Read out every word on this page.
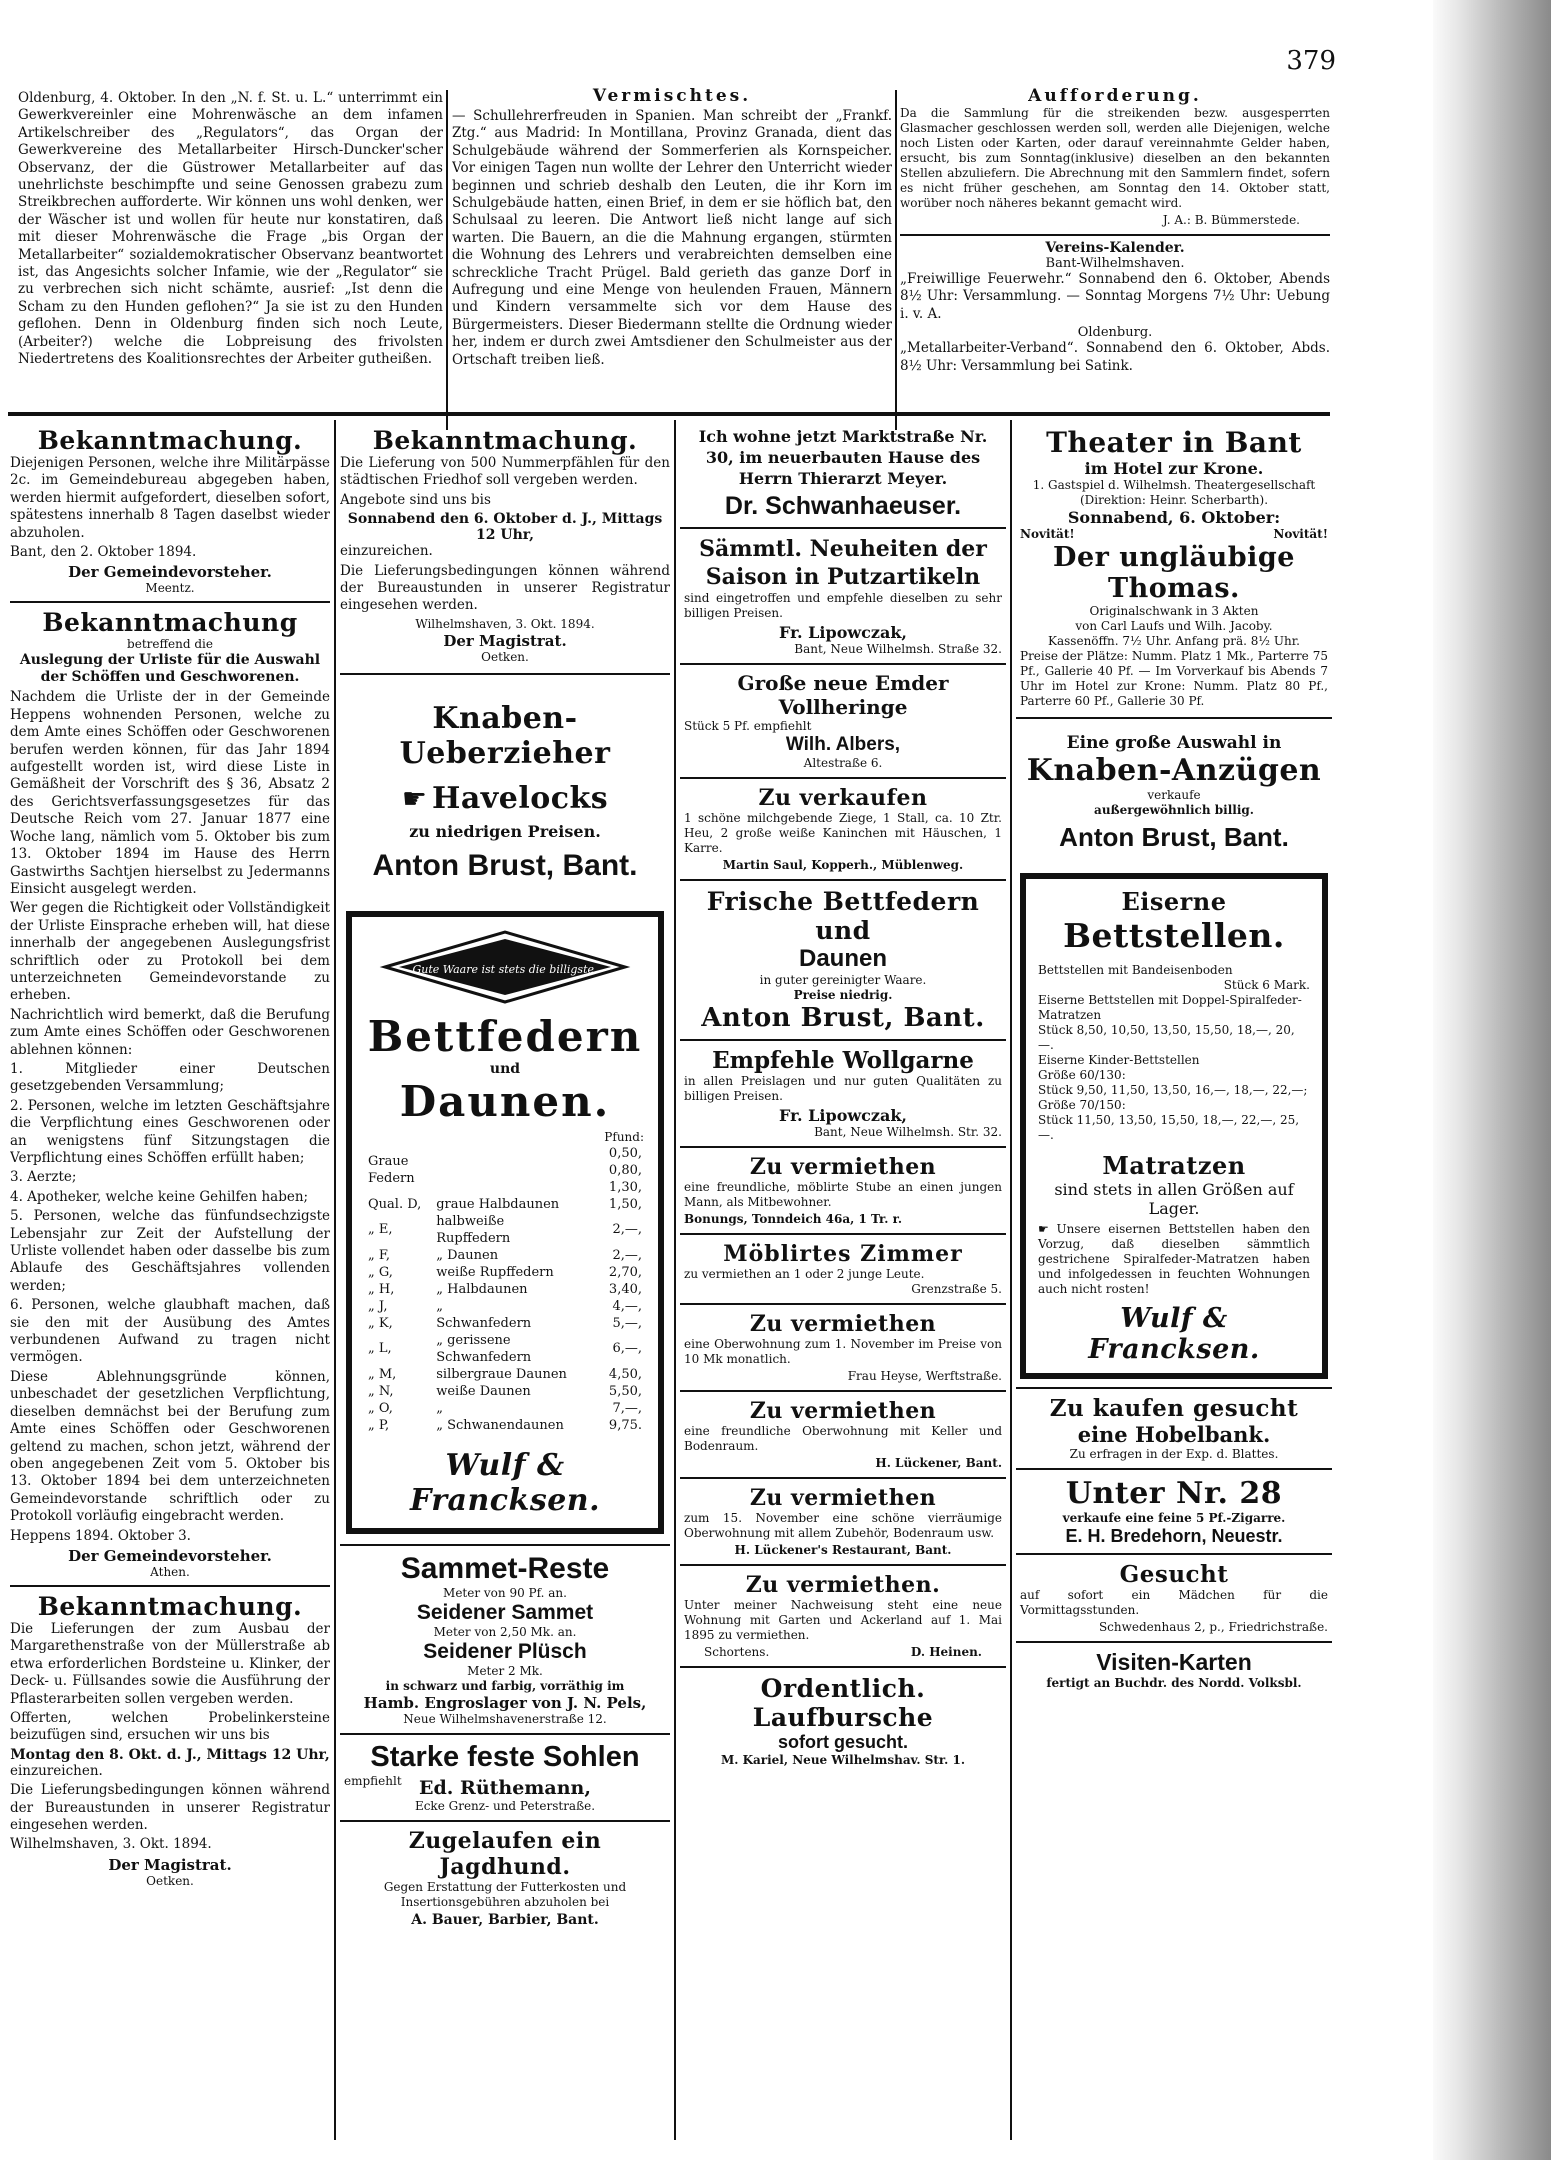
379

Oldenburg, 4. Oktober. In den „N. f. St. u. L.“ unterrimmt ein Gewerkvereinler eine Mohrenwäsche an dem infamen Artikelschreiber des „Regulators“, das Organ der Gewerkvereine des Metallarbeiter Hirsch-Duncker'scher Observanz, der die Güstrower Metallarbeiter auf das unehrlichste beschimpfte und seine Genossen grabezu zum Streikbrechen aufforderte. Wir können uns wohl denken, wer der Wäscher ist und wollen für heute nur konstatiren, daß mit dieser Mohrenwäsche die Frage „bis Organ der Metallarbeiter“ sozialdemokratischer Observanz beantwortet ist, das Angesichts solcher Infamie, wie der „Regulator“ sie zu verbrechen sich nicht schämte, ausrief: „Ist denn die Scham zu den Hunden geflohen?“ Ja sie ist zu den Hunden geflohen. Denn in Oldenburg finden sich noch Leute, (Arbeiter?) welche die Lobpreisung des frivolsten Niedertretens des Koalitionsrechtes der Arbeiter gutheißen.

Vermischtes.

— Schullehrerfreuden in Spanien. Man schreibt der „Frankf. Ztg.“ aus Madrid: In Montillana, Provinz Granada, dient das Schulgebäude während der Sommerferien als Kornspeicher. Vor einigen Tagen nun wollte der Lehrer den Unterricht wieder beginnen und schrieb deshalb den Leuten, die ihr Korn im Schulgebäude hatten, einen Brief, in dem er sie höflich bat, den Schulsaal zu leeren. Die Antwort ließ nicht lange auf sich warten. Die Bauern, an die die Mahnung ergangen, stürmten die Wohnung des Lehrers und verabreichten demselben eine schreckliche Tracht Prügel. Bald gerieth das ganze Dorf in Aufregung und eine Menge von heulenden Frauen, Männern und Kindern versammelte sich vor dem Hause des Bürgermeisters. Dieser Biedermann stellte die Ordnung wieder her, indem er durch zwei Amtsdiener den Schulmeister aus der Ortschaft treiben ließ.

Aufforderung.

Da die Sammlung für die streikenden bezw. ausgesperrten Glasmacher geschlossen werden soll, werden alle Diejenigen, welche noch Listen oder Karten, oder darauf vereinnahmte Gelder haben, ersucht, bis zum Sonntag(inklusive) dieselben an den bekannten Stellen abzuliefern. Die Abrechnung mit den Sammlern findet, sofern es nicht früher geschehen, am Sonntag den 14. Oktober statt, worüber noch näheres bekannt gemacht wird.

J. A.: B. Bümmerstede.
Vereins-Kalender.
Bant-Wilhelmshaven.

„Freiwillige Feuerwehr.“ Sonnabend den 6. Oktober, Abends 8½ Uhr: Versammlung. — Sonntag Morgens 7½ Uhr: Uebung i. v. A.

Oldenburg.

„Metallarbeiter-Verband“. Sonnabend den 6. Oktober, Abds. 8½ Uhr: Versammlung bei Satink.

Bekanntmachung.

Diejenigen Personen, welche ihre Militärpässe 2c. im Gemeindebureau abgegeben haben, werden hiermit aufgefordert, dieselben sofort, spätestens innerhalb 8 Tagen daselbst wieder abzuholen.

Bant, den 2. Oktober 1894.
Der Gemeindevorsteher.
Meentz.
Bekanntmachung
betreffend die
Auslegung der Urliste für die Auswahl der Schöffen und Geschworenen.

Nachdem die Urliste der in der Gemeinde Heppens wohnenden Personen, welche zu dem Amte eines Schöffen oder Geschworenen berufen werden können, für das Jahr 1894 aufgestellt worden ist, wird diese Liste in Gemäßheit der Vorschrift des § 36, Absatz 2 des Gerichtsverfassungsgesetzes für das Deutsche Reich vom 27. Januar 1877 eine Woche lang, nämlich vom 5. Oktober bis zum 13. Oktober 1894 im Hause des Herrn Gastwirths Sachtjen hierselbst zu Jedermanns Einsicht ausgelegt werden.

Wer gegen die Richtigkeit oder Vollständigkeit der Urliste Einsprache erheben will, hat diese innerhalb der angegebenen Auslegungsfrist schriftlich oder zu Protokoll bei dem unterzeichneten Gemeindevorstande zu erheben.

Nachrichtlich wird bemerkt, daß die Berufung zum Amte eines Schöffen oder Geschworenen ablehnen können:

1. Mitglieder einer Deutschen gesetzgebenden Versammlung;

2. Personen, welche im letzten Geschäftsjahre die Verpflichtung eines Geschworenen oder an wenigstens fünf Sitzungstagen die Verpflichtung eines Schöffen erfüllt haben;

3. Aerzte;

4. Apotheker, welche keine Gehilfen haben;

5. Personen, welche das fünfundsechzigste Lebensjahr zur Zeit der Aufstellung der Urliste vollendet haben oder dasselbe bis zum Ablaufe des Geschäftsjahres vollenden werden;

6. Personen, welche glaubhaft machen, daß sie den mit der Ausübung des Amtes verbundenen Aufwand zu tragen nicht vermögen.

Diese Ablehnungsgründe können, unbeschadet der gesetzlichen Verpflichtung, dieselben demnächst bei der Berufung zum Amte eines Schöffen oder Geschworenen geltend zu machen, schon jetzt, während der oben angegebenen Zeit vom 5. Oktober bis 13. Oktober 1894 bei dem unterzeichneten Gemeindevorstande schriftlich oder zu Protokoll vorläufig eingebracht werden.

Heppens 1894. Oktober 3.
Der Gemeindevorsteher.
Athen.
Bekanntmachung.

Die Lieferungen der zum Ausbau der Margarethenstraße von der Müllerstraße ab etwa erforderlichen Bordsteine u. Klinker, der Deck- u. Füllsandes sowie die Ausführung der Pflasterarbeiten sollen vergeben werden.

Offerten, welchen Probelinkersteine beizufügen sind, ersuchen wir uns bis

Montag den 8. Okt. d. J., Mittags 12 Uhr,

einzureichen.

Die Lieferungsbedingungen können während der Bureaustunden in unserer Registratur eingesehen werden.

Wilhelmshaven, 3. Okt. 1894.
Der Magistrat.
Oetken.
Bekanntmachung.

Die Lieferung von 500 Nummerpfählen für den städtischen Friedhof soll vergeben werden.

Angebote sind uns bis

Sonnabend den 6. Oktober d. J., Mittags 12 Uhr,

einzureichen.

Die Lieferungsbedingungen können während der Bureaustunden in unserer Registratur eingesehen werden.

Wilhelmshaven, 3. Okt. 1894.
Der Magistrat.
Oetken.
Knaben-Ueberzieher
☛ Havelocks
zu niedrigen Preisen.
Anton Brust, Bant.
Gute Waare ist stets die billigste.
Bettfedern
und
Daunen.
Pfund:
Graue Federn		0,50, 0,80, 1,30,
Qual. D,	graue Halbdaunen	1,50,
„ E,	halbweiße Rupffedern	2,—,
„ F,	„ Daunen	2,—,
„ G,	weiße Rupffedern	2,70,
„ H,	„ Halbdaunen	3,40,
„ J,	„	4,—,
„ K,	Schwanfedern	5,—,
„ L,	„ gerissene Schwanfedern	6,—,
„ M,	silbergraue Daunen	4,50,
„ N,	weiße Daunen	5,50,
„ O,	„	7,—,
„ P,	„ Schwanendaunen	9,75.
Wulf & Francksen.
Sammet-Reste
Meter von 90 Pf. an.
Seidener Sammet
Meter von 2,50 Mk. an.
Seidener Plüsch
Meter 2 Mk.
in schwarz und farbig, vorräthig im
Hamb. Engroslager von J. N. Pels,
Neue Wilhelmshavenerstraße 12.
Starke feste Sohlen
empfiehlt Ed. Rüthemann,
Ecke Grenz- und Peterstraße.
Zugelaufen ein Jagdhund.

Gegen Erstattung der Futterkosten und Insertionsgebühren abzuholen bei

A. Bauer, Barbier, Bant.
Ich wohne jetzt Marktstraße Nr. 30, im neuerbauten Hause des Herrn Thierarzt Meyer.
Dr. Schwanhaeuser.
Sämmtl. Neuheiten der Saison in Putzartikeln

sind eingetroffen und empfehle dieselben zu sehr billigen Preisen.

Fr. Lipowczak,
Bant, Neue Wilhelmsh. Straße 32.
Große neue Emder Vollheringe
Stück 5 Pf. empfiehlt
Wilh. Albers,
Altestraße 6.
Zu verkaufen

1 schöne milchgebende Ziege, 1 Stall, ca. 10 Ztr. Heu, 2 große weiße Kaninchen mit Häuschen, 1 Karre.

Martin Saul, Kopperh., Müblenweg.
Frische Bettfedern und
Daunen
in guter gereinigter Waare.
Preise niedrig.
Anton Brust, Bant.
Empfehle Wollgarne

in allen Preislagen und nur guten Qualitäten zu billigen Preisen.

Fr. Lipowczak,
Bant, Neue Wilhelmsh. Str. 32.
Zu vermiethen

eine freundliche, möblirte Stube an einen jungen Mann, als Mitbewohner.

Bonungs, Tonndeich 46a, 1 Tr. r.
Möblirtes Zimmer
zu vermiethen an 1 oder 2 junge Leute.
Grenzstraße 5.
Zu vermiethen

eine Oberwohnung zum 1. November im Preise von 10 Mk monatlich.

Frau Heyse, Werftstraße.
Zu vermiethen

eine freundliche Oberwohnung mit Keller und Bodenraum.

H. Lückener, Bant.
Zu vermiethen

zum 15. November eine schöne vierräumige Oberwohnung mit allem Zubehör, Bodenraum usw.

H. Lückener's Restaurant, Bant.
Zu vermiethen.

Unter meiner Nachweisung steht eine neue Wohnung mit Garten und Ackerland auf 1. Mai 1895 zu vermiethen.

Schortens.	D. Heinen.
Ordentlich. Laufbursche
sofort gesucht.
M. Kariel, Neue Wilhelmshav. Str. 1.
Theater in Bant
im Hotel zur Krone.
1. Gastspiel d. Wilhelmsh. Theatergesellschaft
(Direktion: Heinr. Scherbarth).
Sonnabend, 6. Oktober:
Novität!	Novität!
Der ungläubige Thomas.
Originalschwank in 3 Akten
von Carl Laufs und Wilh. Jacoby.
Kassenöffn. 7½ Uhr. Anfang prä. 8½ Uhr.

Preise der Plätze: Numm. Platz 1 Mk., Parterre 75 Pf., Gallerie 40 Pf. — Im Vorverkauf bis Abends 7 Uhr im Hotel zur Krone: Numm. Platz 80 Pf., Parterre 60 Pf., Gallerie 30 Pf.

Eine große Auswahl in
Knaben-Anzügen
verkaufe
außergewöhnlich billig.
Anton Brust, Bant.
Eiserne
Bettstellen.
Bettstellen mit Bandeisenboden
Stück 6 Mark.
Eiserne Bettstellen mit Doppel-Spiralfeder-Matratzen
Stück 8,50, 10,50, 13,50, 15,50, 18,—, 20,—.
Eiserne Kinder-Bettstellen
Größe 60/130:
Stück 9,50, 11,50, 13,50, 16,—, 18,—, 22,—;
Größe 70/150:
Stück 11,50, 13,50, 15,50, 18,—, 22,—, 25,—.
Matratzen
sind stets in allen Größen auf Lager.

☛ Unsere eisernen Bettstellen haben den Vorzug, daß dieselben sämmtlich gestrichene Spiralfeder-Matratzen haben und infolgedessen in feuchten Wohnungen auch nicht rosten!

Wulf & Francksen.
Zu kaufen gesucht
eine Hobelbank.
Zu erfragen in der Exp. d. Blattes.
Unter Nr. 28
verkaufe eine feine 5 Pf.-Zigarre.
E. H. Bredehorn, Neuestr.
Gesucht

auf sofort ein Mädchen für die Vormittagsstunden.

Schwedenhaus 2, p., Friedrichstraße.
Visiten-Karten
fertigt an Buchdr. des Nordd. Volksbl.
